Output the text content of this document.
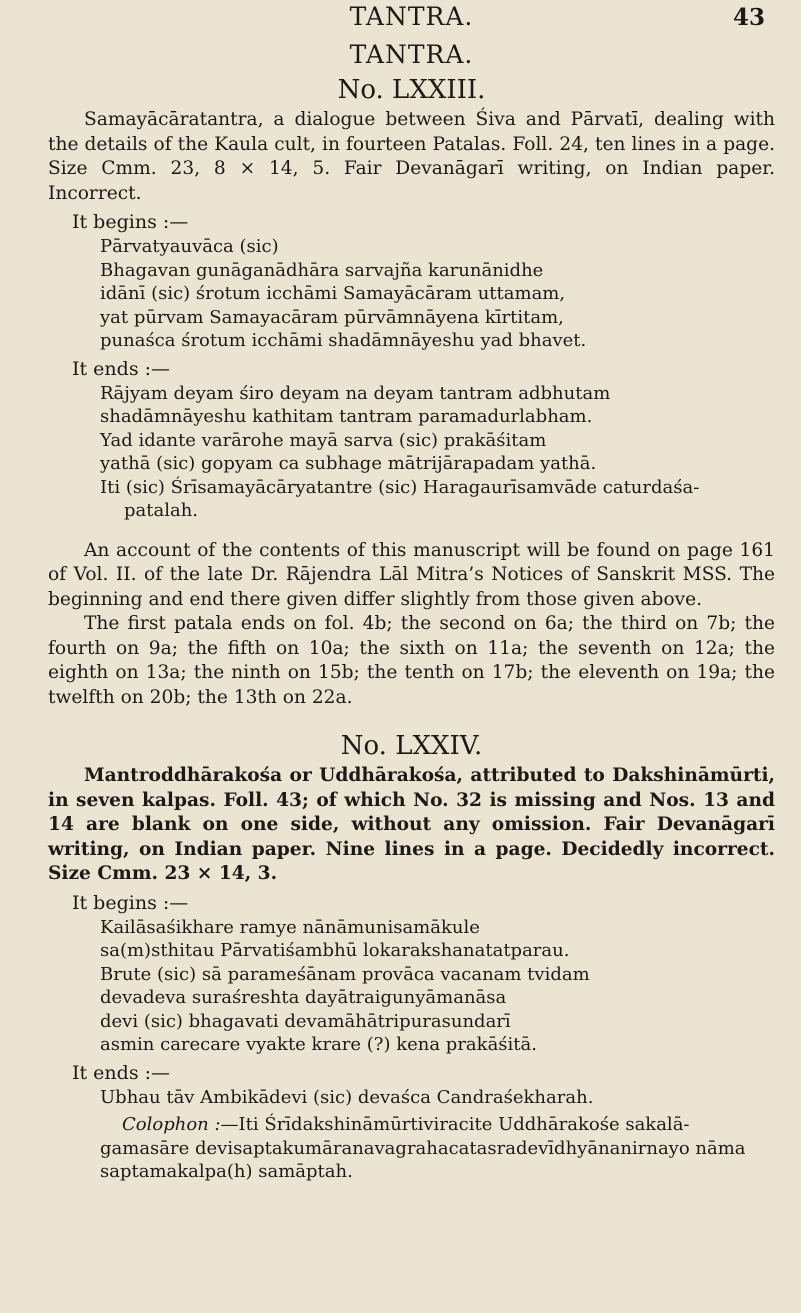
TANTRA.	43
TANTRA.
No. LXXIII.

Samayācāratantra, a dialogue between Śiva and Pārvatī, dealing with the details of the Kaula cult, in fourteen Patalas. Foll. 24, ten lines in a page. Size Cmm. 23, 8 × 14, 5. Fair Devanāgarī writing, on Indian paper. Incorrect.

It begins :—
Pārvatyauvāca (sic)
Bhagavan gunāganādhāra sarvajña karunānidhe
idānī (sic) śrotum icchāmi Samayācāram uttamam,
yat pūrvam Samayacāram pūrvāmnāyena kīrtitam,
punaśca śrotum icchāmi shadāmnāyeshu yad bhavet.
It ends :—
Rājyam deyam śiro deyam na deyam tantram adbhutam
shadāmnāyeshu kathitam tantram paramadurlabham.
Yad idante varārohe mayā sarva (sic) prakāśitam
yathā (sic) gopyam ca subhage mātrijārapadam yathā.
Iti (sic) Śrīsamayācāryatantre (sic) Haragaurīsamvāde caturdaśa-
patalah.

An account of the contents of this manuscript will be found on page 161 of Vol. II. of the late Dr. Rājendra Lāl Mitra’s Notices of Sanskrit MSS. The beginning and end there given differ slightly from those given above.

The first patala ends on fol. 4b; the second on 6a; the third on 7b; the fourth on 9a; the fifth on 10a; the sixth on 11a; the seventh on 12a; the eighth on 13a; the ninth on 15b; the tenth on 17b; the eleventh on 19a; the twelfth on 20b; the 13th on 22a.

No. LXXIV.

Mantroddhārakośa or Uddhārakośa, attributed to Dakshināmūrti, in seven kalpas. Foll. 43; of which No. 32 is missing and Nos. 13 and 14 are blank on one side, without any omission. Fair Devanāgarī writing, on Indian paper. Nine lines in a page. Decidedly incorrect. Size Cmm. 23 × 14, 3.

It begins :—
Kailāsaśikhare ramye nānāmunisamākule
sa(m)sthitau Pārvatiśambhū lokarakshanatatparau.
Brute (sic) sā parameśānam provāca vacanam tvidam
devadeva suraśreshta dayātraigunyāmanāsa
devi (sic) bhagavati devamāhātripurasundarī
asmin carecare vyakte krare (?) kena prakāśitā.
It ends :—
Ubhau tāv Ambikādevi (sic) devaśca Candraśekharah.
Colophon :—Iti Śrīdakshināmūrtiviracite Uddhārakośe sakalā-gamasāre devisaptakumāranavagrahacatasradevīdhyānanirnayo nāma saptamakalpa(h) samāptah.
